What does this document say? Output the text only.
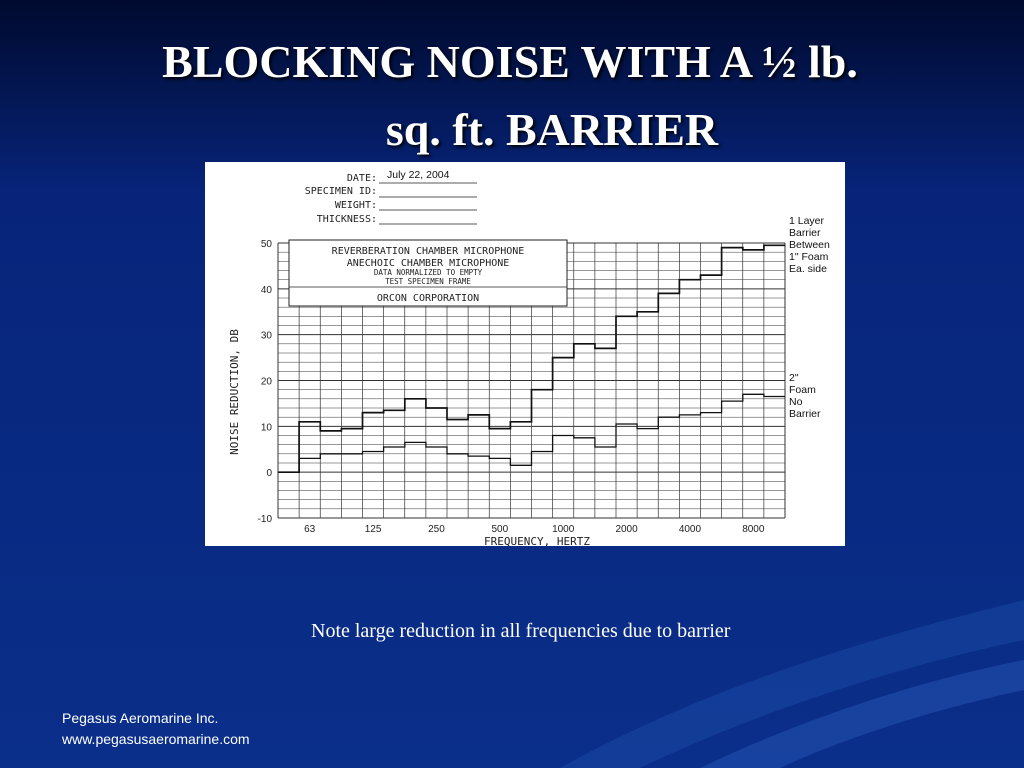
BLOCKING NOISE WITH A ½ lb.
sq. ft. BARRIER
DATE:
SPECIMEN ID:
WEIGHT:
THICKNESS:
July 22, 2004
50
40
30
20
10
0
-10
63	125	250	500	1000	2000	4000	8000
REVERBERATION CHAMBER MICROPHONE
ANECHOIC CHAMBER MICROPHONE
DATA NORMALIZED TO EMPTY
TEST SPECIMEN FRAME
ORCON CORPORATION
1 Layer
Barrier
Between
1" Foam
Ea. side
2"
Foam
No
Barrier
NOISE REDUCTION, DB
FREQUENCY, HERTZ
Note large reduction in all frequencies due to barrier
Pegasus Aeromarine Inc.
www.pegasusaeromarine.com
